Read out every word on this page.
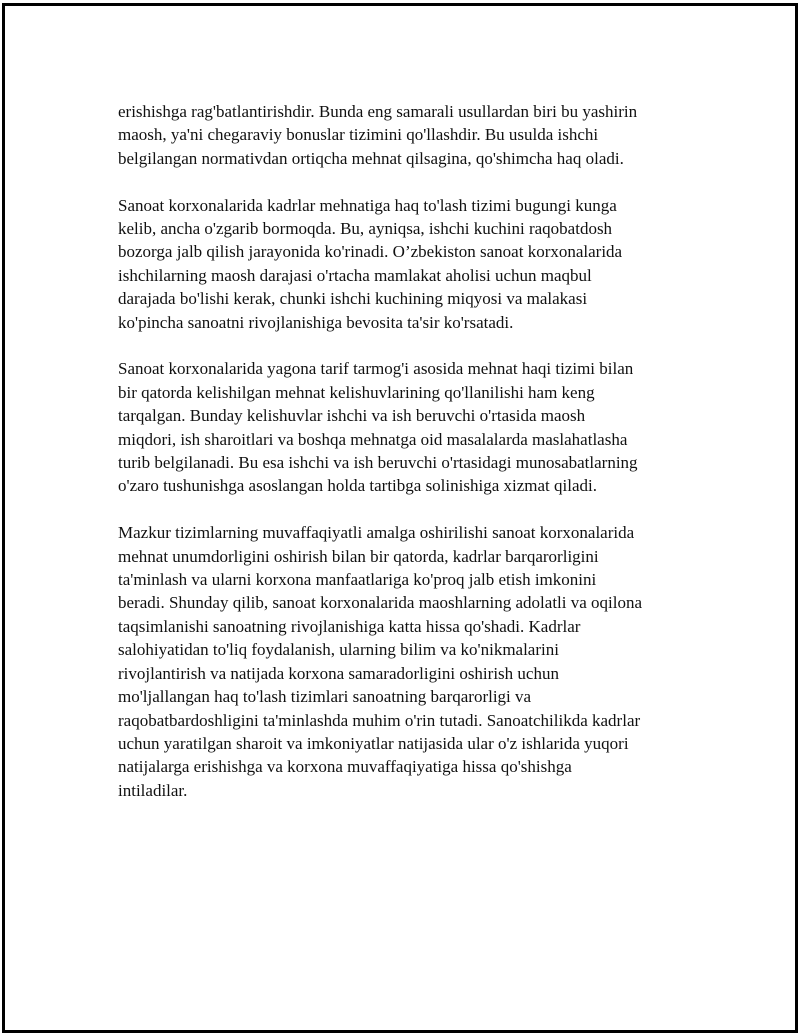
erishishga rag'batlantirishdir. Bunda eng samarali usullardan biri bu yashirin
maosh, ya'ni chegaraviy bonuslar tizimini qo'llashdir. Bu usulda ishchi
belgilangan normativdan ortiqcha mehnat qilsagina, qo'shimcha haq oladi.

Sanoat korxonalarida kadrlar mehnatiga haq to'lash tizimi bugungi kunga
kelib, ancha o'zgarib bormoqda. Bu, ayniqsa, ishchi kuchini raqobatdosh
bozorga jalb qilish jarayonida ko'rinadi. O’zbekiston sanoat korxonalarida
ishchilarning maosh darajasi o'rtacha mamlakat aholisi uchun maqbul
darajada bo'lishi kerak, chunki ishchi kuchining miqyosi va malakasi
ko'pincha sanoatni rivojlanishiga bevosita ta'sir ko'rsatadi.

Sanoat korxonalarida yagona tarif tarmog'i asosida mehnat haqi tizimi bilan
bir qatorda kelishilgan mehnat kelishuvlarining qo'llanilishi ham keng
tarqalgan. Bunday kelishuvlar ishchi va ish beruvchi o'rtasida maosh
miqdori, ish sharoitlari va boshqa mehnatga oid masalalarda maslahatlasha
turib belgilanadi. Bu esa ishchi va ish beruvchi o'rtasidagi munosabatlarning
o'zaro tushunishga asoslangan holda tartibga solinishiga xizmat qiladi.

Mazkur tizimlarning muvaffaqiyatli amalga oshirilishi sanoat korxonalarida
mehnat unumdorligini oshirish bilan bir qatorda, kadrlar barqarorligini
ta'minlash va ularni korxona manfaatlariga ko'proq jalb etish imkonini
beradi. Shunday qilib, sanoat korxonalarida maoshlarning adolatli va oqilona
taqsimlanishi sanoatning rivojlanishiga katta hissa qo'shadi. Kadrlar
salohiyatidan to'liq foydalanish, ularning bilim va ko'nikmalarini
rivojlantirish va natijada korxona samaradorligini oshirish uchun
mo'ljallangan haq to'lash tizimlari sanoatning barqarorligi va
raqobatbardoshligini ta'minlashda muhim o'rin tutadi. Sanoatchilikda kadrlar
uchun yaratilgan sharoit va imkoniyatlar natijasida ular o'z ishlarida yuqori
natijalarga erishishga va korxona muvaffaqiyatiga hissa qo'shishga
intiladilar.
